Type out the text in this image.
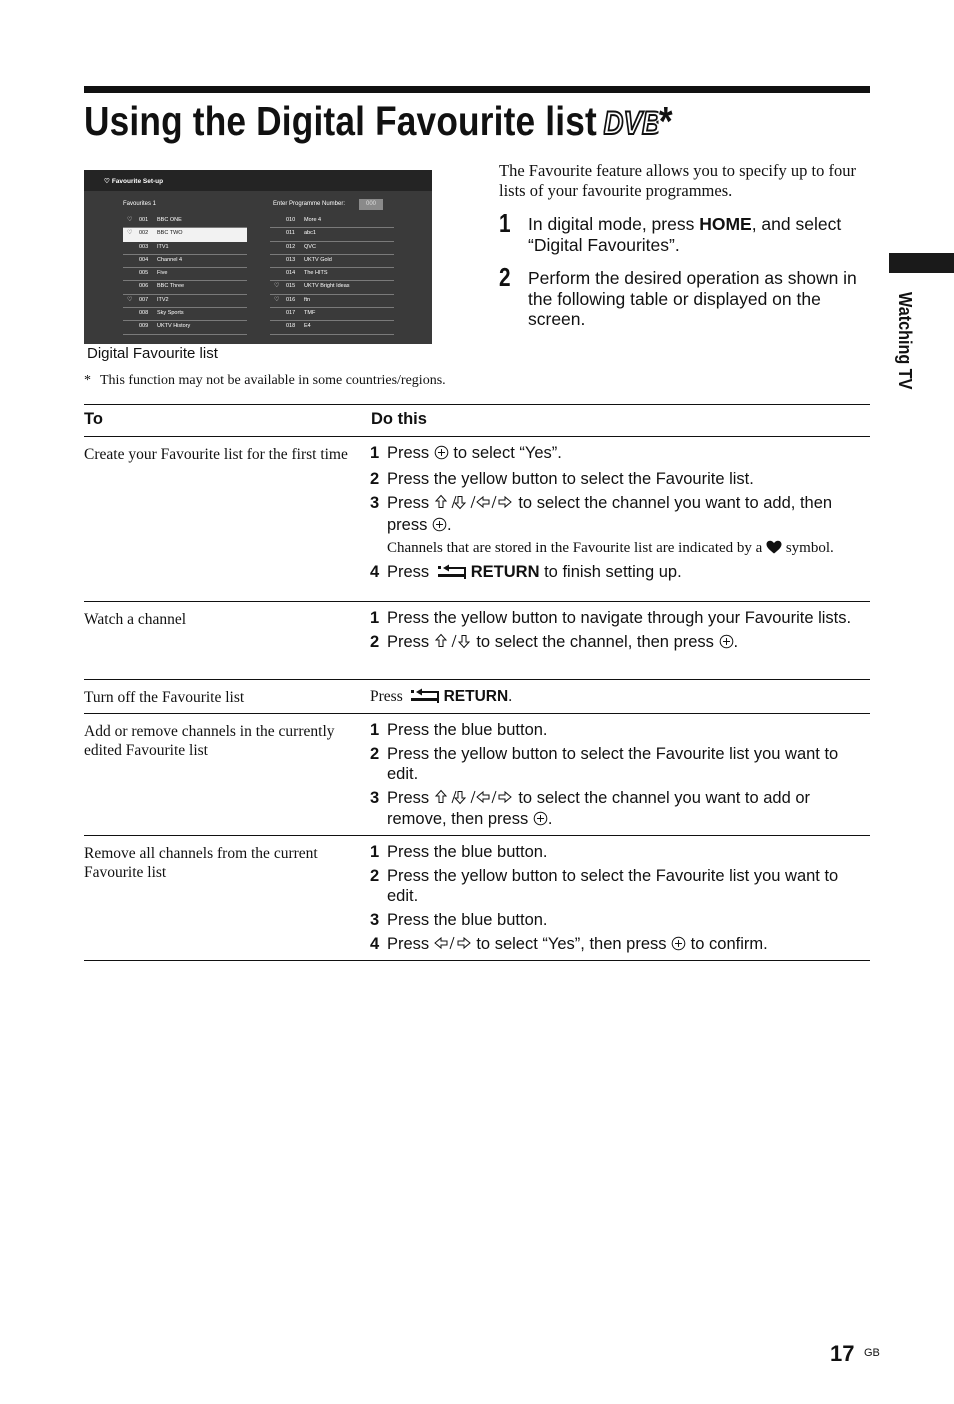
Using the Digital Favourite list DVB
*
Watching TV
♡ Favourite Set-up
Favourites 1	Enter Programme Number:	000
♡	001 BBC ONE
♡	002 BBC TWO
003 ITV1
004 Channel 4
005 Five
006 BBC Three
♡	007 ITV2
008 Sky Sports
009 UKTV History
010 More 4
011 abc1
012 QVC
013 UKTV Gold
014 The HITS
♡	015 UKTV Bright Ideas
♡	016 ftn
017 TMF
018 E4
Digital Favourite list
* This function may not be available in some countries/regions.

The Favourite feature allows you to specify up to four lists of your favourite programmes.

1 In digital mode, press HOME, and select “Digital Favourites”.
2 Perform the desired operation as shown in the following table or displayed on the screen.
To	Do this
Create your Favourite list for the first time 1 Press  to select “Yes”.
2 Press the yellow button to select the Favourite list.
3 Press	to select the channel you want to add, then press .
Channels that are stored in the Favourite list are indicated by a  symbol.
4 Press RETURN to finish setting up.
Watch a channel	1 Press the yellow button to navigate through your Favourite lists.
2 Press  to select the channel, then press .
Turn off the Favourite list	Press RETURN.
Add or remove channels in the currently edited Favourite list
1 Press the blue button.
2 Press the yellow button to select the Favourite list you want to edit.
3 Press	to select the channel you want to add or remove, then press .
Remove all channels from the current Favourite list
1 Press the blue button.
2 Press the yellow button to select the Favourite list you want to edit.
3 Press the blue button.
4 Press  to select “Yes”, then press  to confirm.
17 GB
